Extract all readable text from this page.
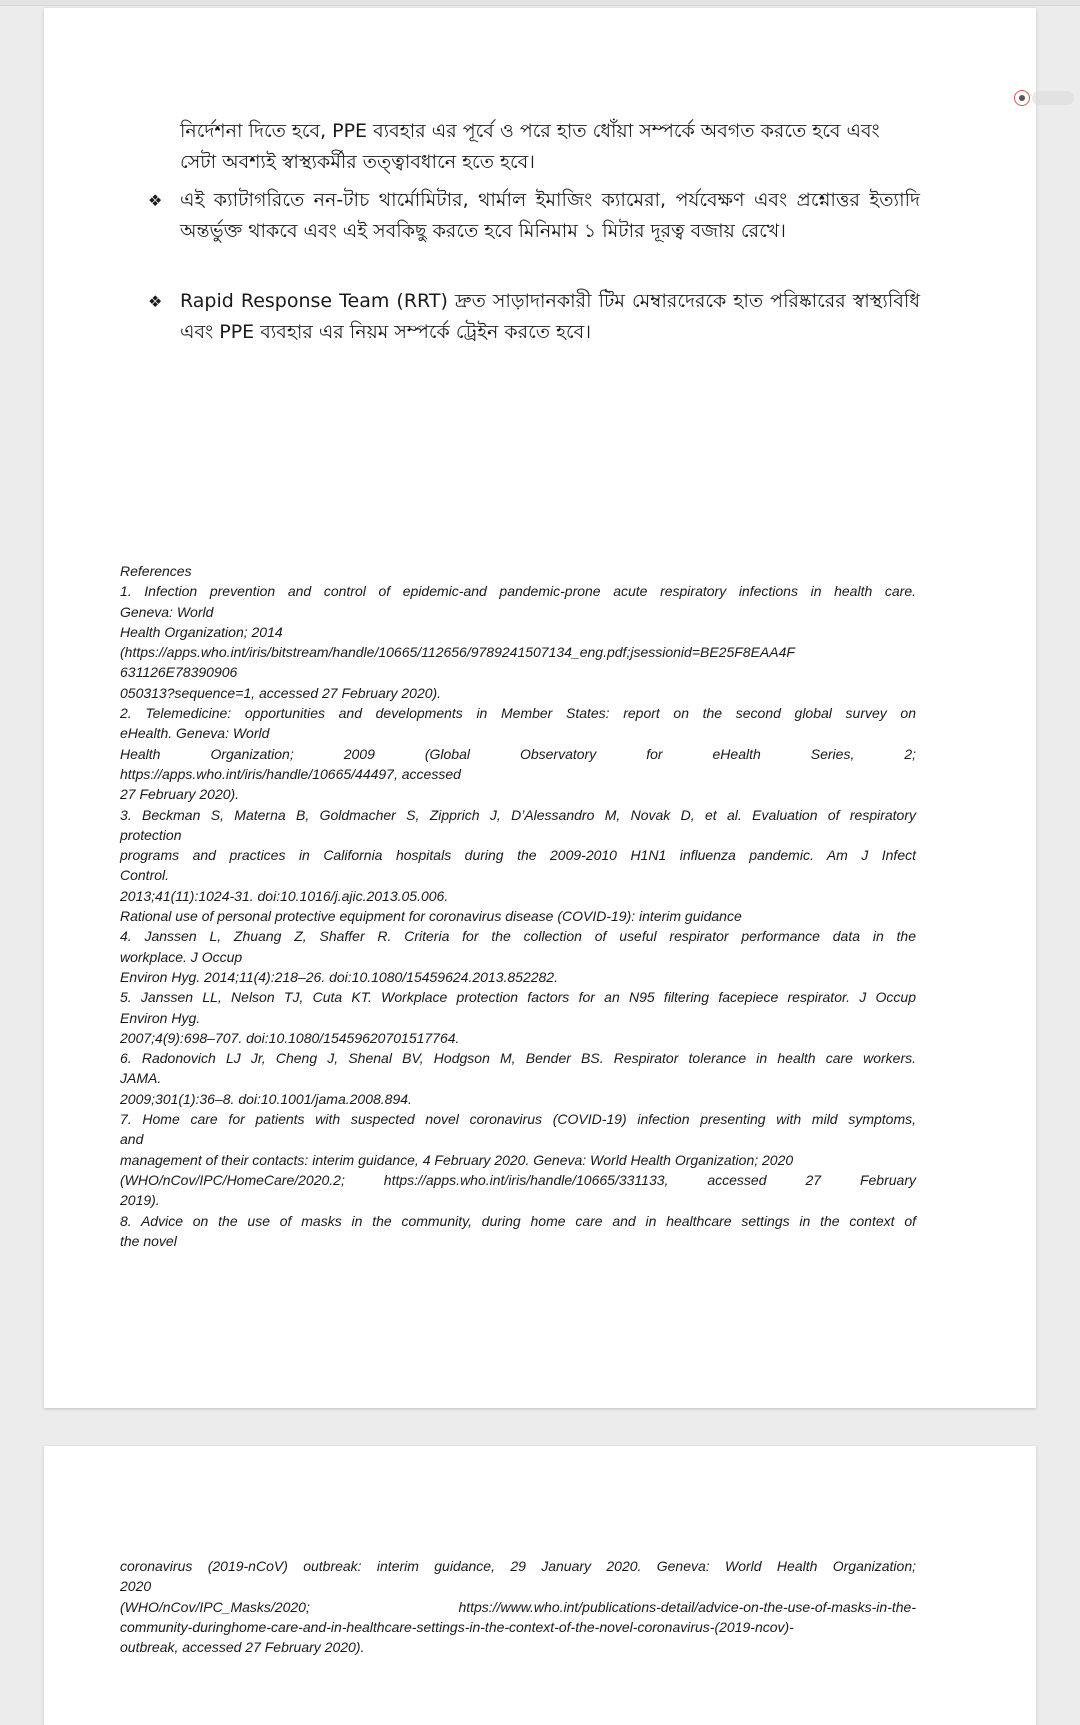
নির্দেশনা দিতে হবে, PPE ব্যবহার এর পূর্বে ও পরে হাত ধোঁয়া সম্পর্কে অবগত করতে হবে এবং সেটা অবশ্যই স্বাস্থ্যকর্মীর তত্ত্বাবধানে হতে হবে।
❖ এই ক্যাটাগরিতে নন-টাচ থার্মোমিটার, থার্মাল ইমাজিং ক্যামেরা, পর্যবেক্ষণ এবং প্রশ্নোত্তর ইত্যাদি অন্তর্ভুক্ত থাকবে এবং এই সবকিছু করতে হবে মিনিমাম ১ মিটার দূরত্ব বজায় রেখে।
❖ Rapid Response Team (RRT) দ্রুত সাড়াদানকারী টিম মেম্বারদেরকে হাত পরিষ্কারের স্বাস্থ্যবিধি এবং PPE ব্যবহার এর নিয়ম সম্পর্কে ট্রেইন করতে হবে।
References
1. Infection prevention and control of epidemic-and pandemic-prone acute respiratory infections in health care.
Geneva: World
Health Organization; 2014
(https://apps.who.int/iris/bitstream/handle/10665/112656/9789241507134_eng.pdf;jsessionid=BE25F8EAA4F
631126E78390906
050313?sequence=1, accessed 27 February 2020).
2. Telemedicine: opportunities and developments in Member States: report on the second global survey on
eHealth. Geneva: World
Health Organization; 2009 (Global Observatory for eHealth Series, 2;
https://apps.who.int/iris/handle/10665/44497, accessed
27 February 2020).
3. Beckman S, Materna B, Goldmacher S, Zipprich J, D’Alessandro M, Novak D, et al. Evaluation of respiratory
protection
programs and practices in California hospitals during the 2009-2010 H1N1 influenza pandemic. Am J Infect
Control.
2013;41(11):1024-31. doi:10.1016/j.ajic.2013.05.006.
Rational use of personal protective equipment for coronavirus disease (COVID-19): interim guidance
4. Janssen L, Zhuang Z, Shaffer R. Criteria for the collection of useful respirator performance data in the
workplace. J Occup
Environ Hyg. 2014;11(4):218–26. doi:10.1080/15459624.2013.852282.
5. Janssen LL, Nelson TJ, Cuta KT. Workplace protection factors for an N95 filtering facepiece respirator. J Occup
Environ Hyg.
2007;4(9):698–707. doi:10.1080/15459620701517764.
6. Radonovich LJ Jr, Cheng J, Shenal BV, Hodgson M, Bender BS. Respirator tolerance in health care workers.
JAMA.
2009;301(1):36–8. doi:10.1001/jama.2008.894.
7. Home care for patients with suspected novel coronavirus (COVID-19) infection presenting with mild symptoms,
and
management of their contacts: interim guidance, 4 February 2020. Geneva: World Health Organization; 2020
(WHO/nCov/IPC/HomeCare/2020.2; https://apps.who.int/iris/handle/10665/331133, accessed 27 February
2019).
8. Advice on the use of masks in the community, during home care and in healthcare settings in the context of
the novel
coronavirus (2019-nCoV) outbreak: interim guidance, 29 January 2020. Geneva: World Health Organization;
2020
(WHO/nCov/IPC_Masks/2020; https://www.who.int/publications-detail/advice-on-the-use-of-masks-in-the-
community-duringhome-care-and-in-healthcare-settings-in-the-context-of-the-novel-coronavirus-(2019-ncov)-
outbreak, accessed 27 February 2020).
